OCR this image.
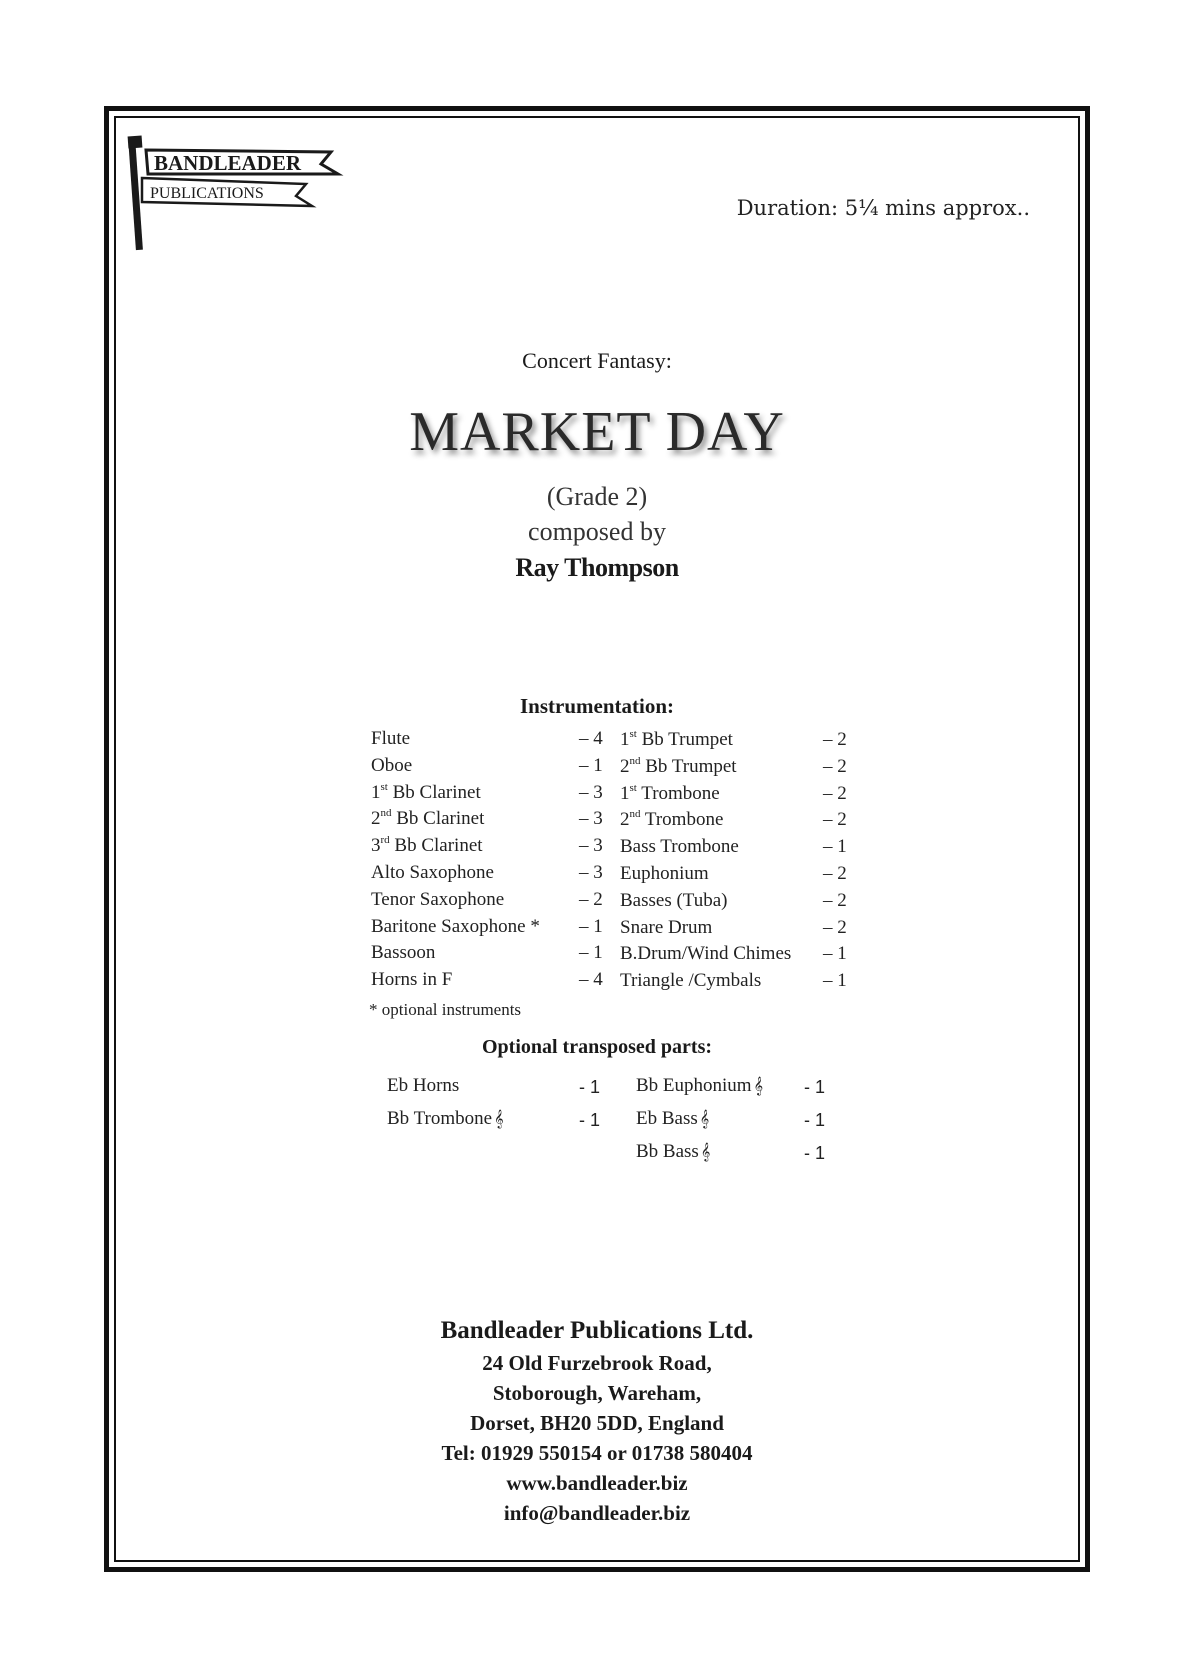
BANDLEADER
PUBLICATIONS
Duration: 5¼ mins approx..
Concert Fantasy:
MARKET DAY
(Grade 2)
composed by
Ray Thompson
Instrumentation:
Flute	– 4
Oboe	– 1
1st Bb Clarinet	– 3
2nd Bb Clarinet	– 3
3rd Bb Clarinet	– 3
Alto Saxophone	– 3
Tenor Saxophone	– 2
Baritone Saxophone * – 1
Bassoon	– 1
Horns in F	– 4
1st Bb Trumpet	– 2
2nd Bb Trumpet	– 2
1st Trombone	– 2
2nd Trombone	– 2
Bass Trombone	– 1
Euphonium	– 2
Basses (Tuba)	– 2
Snare Drum	– 2
B.Drum/Wind Chimes – 1
Triangle /Cymbals	– 1
* optional instruments
Optional transposed parts:
Eb Horns	- 1
Bb Trombone 𝄞	- 1
Bb Euphonium 𝄞 - 1
Eb Bass 𝄞	- 1
Bb Bass 𝄞	- 1
Bandleader Publications Ltd.
24 Old Furzebrook Road,
Stoborough, Wareham,
Dorset, BH20 5DD, England
Tel: 01929 550154 or 01738 580404
www.bandleader.biz
info@bandleader.biz
